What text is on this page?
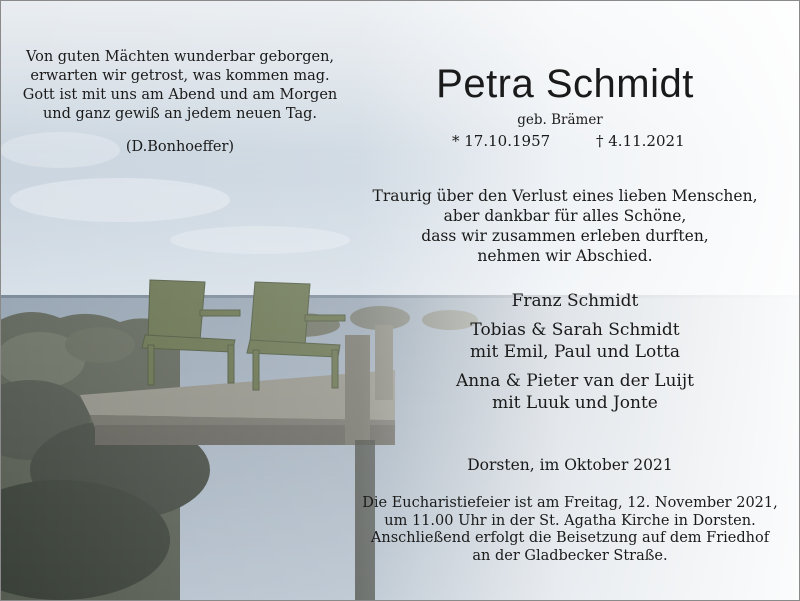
Von guten Mächten wunderbar geborgen,
erwarten wir getrost, was kommen mag.
Gott ist mit uns am Abend und am Morgen
und ganz gewiß an jedem neuen Tag.
(D.Bonhoeffer)
Petra Schmidt
geb. Brämer
* 17.10.1957	† 4.11.2021
Traurig über den Verlust eines lieben Menschen,
aber dankbar für alles Schöne,
dass wir zusammen erleben durften,
nehmen wir Abschied.
Franz Schmidt
Tobias & Sarah Schmidt
mit Emil, Paul und Lotta
Anna & Pieter van der Luijt
mit Luuk und Jonte
Dorsten, im Oktober 2021
Die Eucharistiefeier ist am Freitag, 12. November 2021,
um 11.00 Uhr in der St. Agatha Kirche in Dorsten.
Anschließend erfolgt die Beisetzung auf dem Friedhof
an der Gladbecker Straße.
